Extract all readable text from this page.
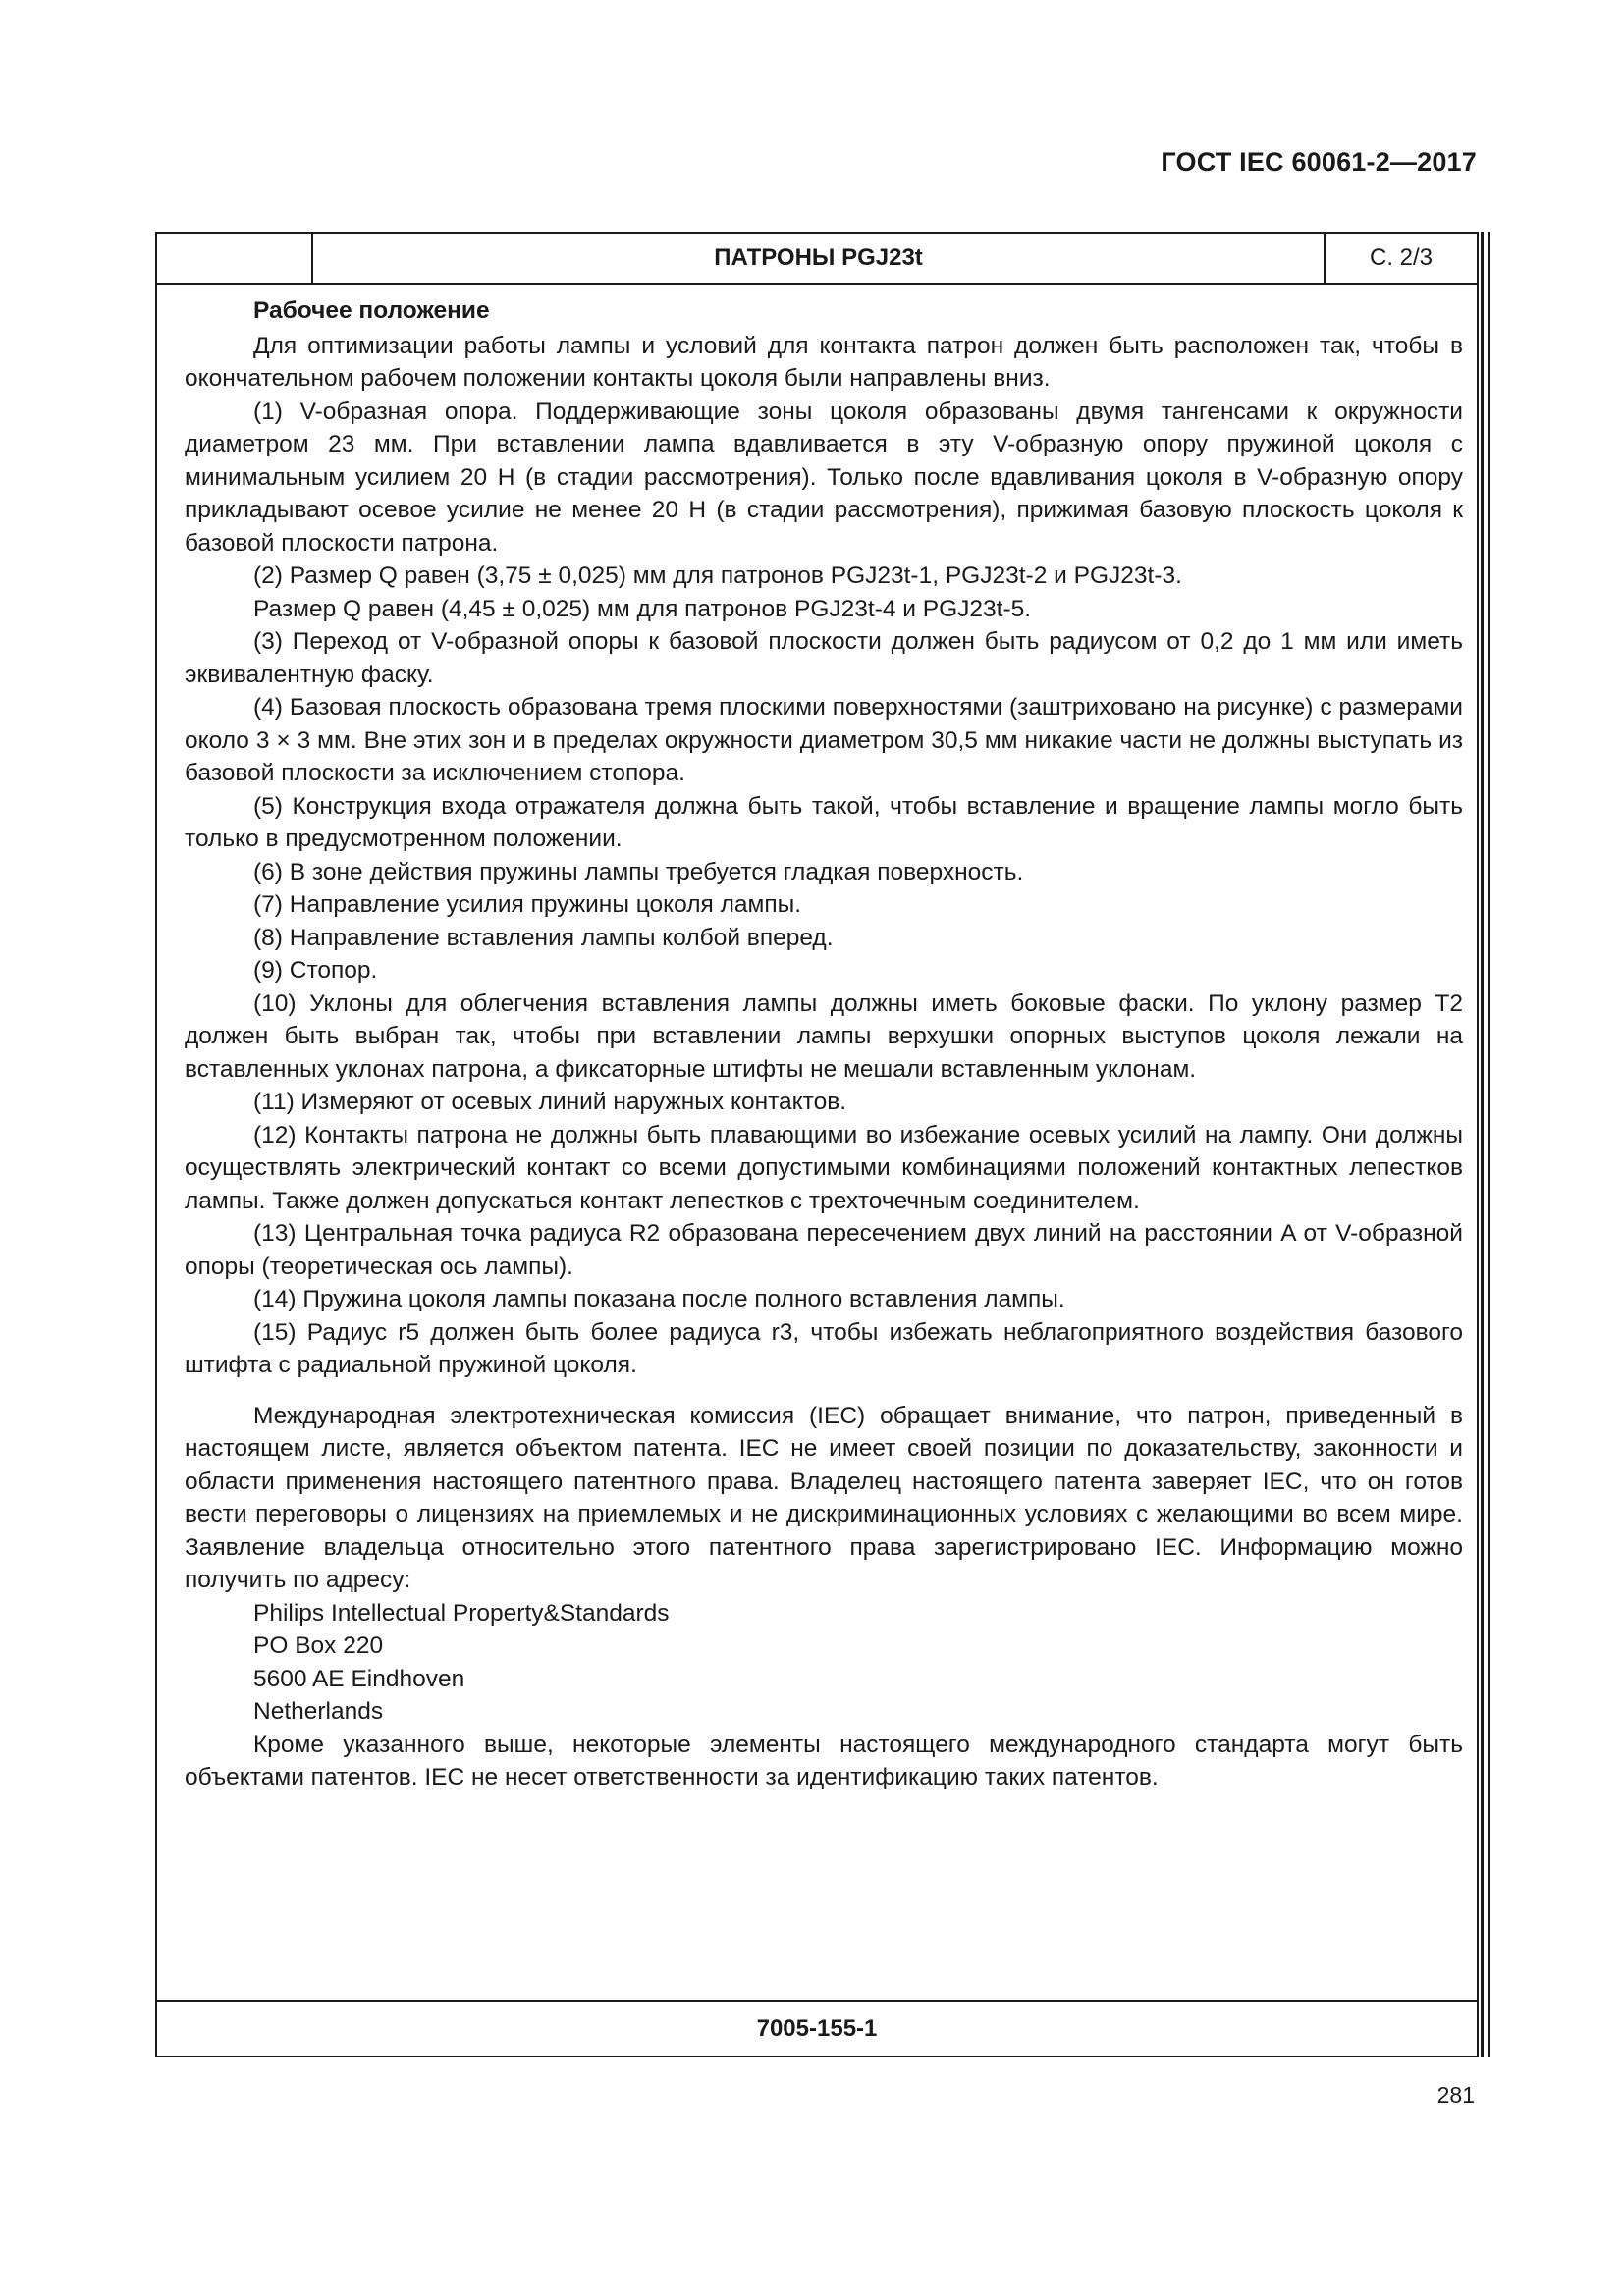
ГОСТ IEC 60061-2—2017
ПАТРОНЫ PGJ23t	С. 2/3

Рабочее положение

Для оптимизации работы лампы и условий для контакта патрон должен быть расположен так, чтобы в окончательном рабочем положении контакты цоколя были направлены вниз.

(1) V-образная опора. Поддерживающие зоны цоколя образованы двумя тангенсами к окружности диаметром 23 мм. При вставлении лампа вдавливается в эту V-образную опору пружиной цоколя с минимальным усилием 20 Н (в стадии рассмотрения). Только после вдавливания цоколя в V-образную опору прикладывают осевое усилие не менее 20 Н (в стадии рассмотрения), прижимая базовую плоскость цоколя к базовой плоскости патрона.

(2) Размер Q равен (3,75 ± 0,025) мм для патронов PGJ23t-1, PGJ23t-2 и PGJ23t-3.

Размер Q равен (4,45 ± 0,025) мм для патронов PGJ23t-4 и PGJ23t-5.

(3) Переход от V-образной опоры к базовой плоскости должен быть радиусом от 0,2 до 1 мм или иметь эквивалентную фаску.

(4) Базовая плоскость образована тремя плоскими поверхностями (заштриховано на рисунке) с размерами около 3 × 3 мм. Вне этих зон и в пределах окружности диаметром 30,5 мм никакие части не должны выступать из базовой плоскости за исключением стопора.

(5) Конструкция входа отражателя должна быть такой, чтобы вставление и вращение лампы могло быть только в предусмотренном положении.

(6) В зоне действия пружины лампы требуется гладкая поверхность.

(7) Направление усилия пружины цоколя лампы.

(8) Направление вставления лампы колбой вперед.

(9) Стопор.

(10) Уклоны для облегчения вставления лампы должны иметь боковые фаски. По уклону размер T2 должен быть выбран так, чтобы при вставлении лампы верхушки опорных выступов цоколя лежали на вставленных уклонах патрона, а фиксаторные штифты не мешали вставленным уклонам.

(11) Измеряют от осевых линий наружных контактов.

(12) Контакты патрона не должны быть плавающими во избежание осевых усилий на лампу. Они должны осуществлять электрический контакт со всеми допустимыми комбинациями положений контактных лепестков лампы. Также должен допускаться контакт лепестков с трехточечным соединителем.

(13) Центральная точка радиуса R2 образована пересечением двух линий на расстоянии A от V-образной опоры (теоретическая ось лампы).

(14) Пружина цоколя лампы показана после полного вставления лампы.

(15) Радиус r5 должен быть более радиуса r3, чтобы избежать неблагоприятного воздействия базового штифта с радиальной пружиной цоколя.

Международная электротехническая комиссия (IEC) обращает внимание, что патрон, приведенный в настоящем листе, является объектом патента. IEC не имеет своей позиции по доказательству, законности и области применения настоящего патентного права. Владелец настоящего патента заверяет IEC, что он готов вести переговоры о лицензиях на приемлемых и не дискриминационных условиях с желающими во всем мире. Заявление владельца относительно этого патентного права зарегистрировано IEC. Информацию можно получить по адресу:

Philips Intellectual Property&Standards

PO Box 220

5600 AE Eindhoven

Netherlands

Кроме указанного выше, некоторые элементы настоящего международного стандарта могут быть объектами патентов. IEC не несет ответственности за идентификацию таких патентов.

7005-155-1
281
